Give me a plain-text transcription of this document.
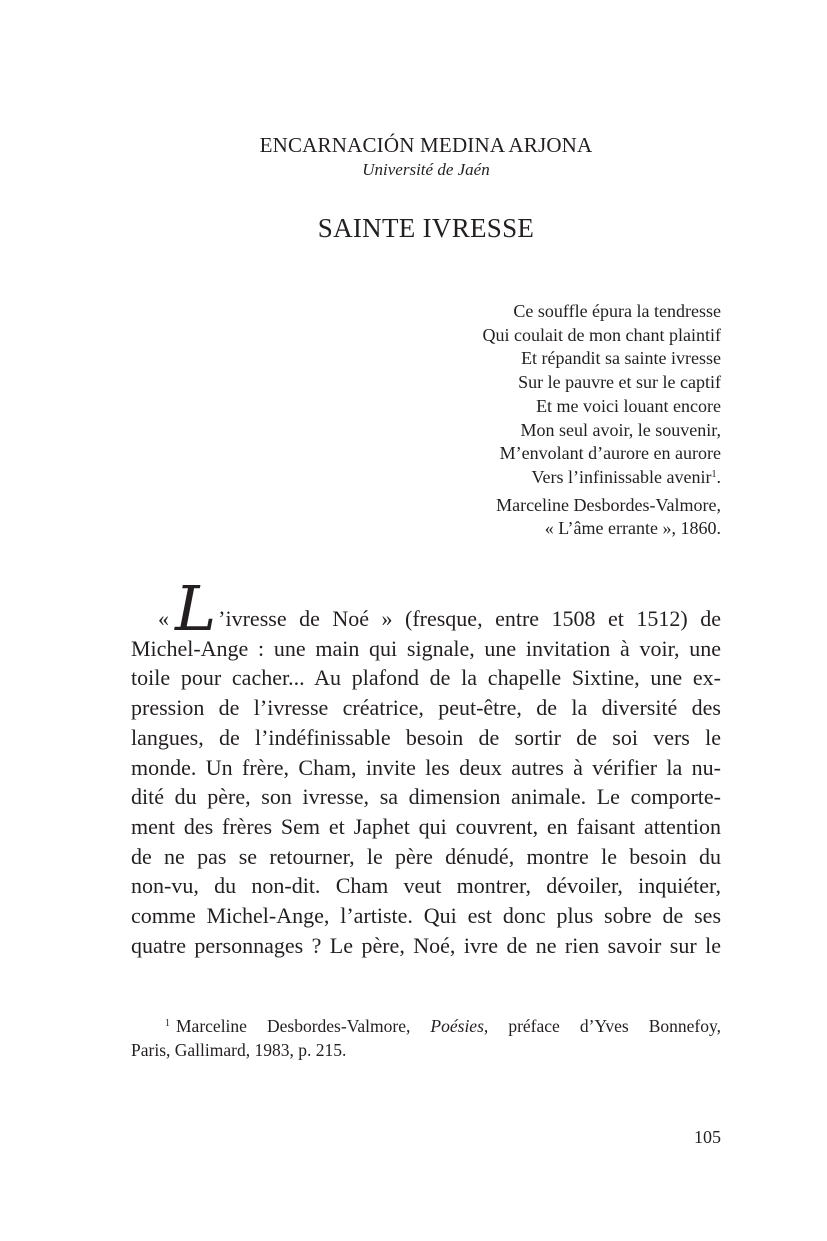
ENCARNACIÓN MEDINA ARJONA
Université de Jaén
SAINTE IVRESSE
Ce souffle épura la tendresse
Qui coulait de mon chant plaintif
Et répandit sa sainte ivresse
Sur le pauvre et sur le captif
Et me voici louant encore
Mon seul avoir, le souvenir,
M’envolant d’aurore en aurore
Vers l’infinissable avenir$^1$.
Marceline Desbordes-Valmore,
« L’âme errante », 1860.
«L’ivresse de Noé » (fresque, entre 1508 et 1512) de
Michel-Ange : une main qui signale, une invitation à voir, une
toile pour cacher... Au plafond de la chapelle Sixtine, une ex-
pression de l’ivresse créatrice, peut-être, de la diversité des
langues, de l’indéfinissable besoin de sortir de soi vers le
monde. Un frère, Cham, invite les deux autres à vérifier la nu-
dité du père, son ivresse, sa dimension animale. Le comporte-
ment des frères Sem et Japhet qui couvrent, en faisant attention
de ne pas se retourner, le père dénudé, montre le besoin du
non-vu, du non-dit. Cham veut montrer, dévoiler, inquiéter,
comme Michel-Ange, l’artiste. Qui est donc plus sobre de ses
quatre personnages ? Le père, Noé, ivre de ne rien savoir sur le
$^1$ Marceline Desbordes-Valmore, Poésies, préface d’Yves Bonnefoy,
Paris, Gallimard, 1983, p. 215.
105
